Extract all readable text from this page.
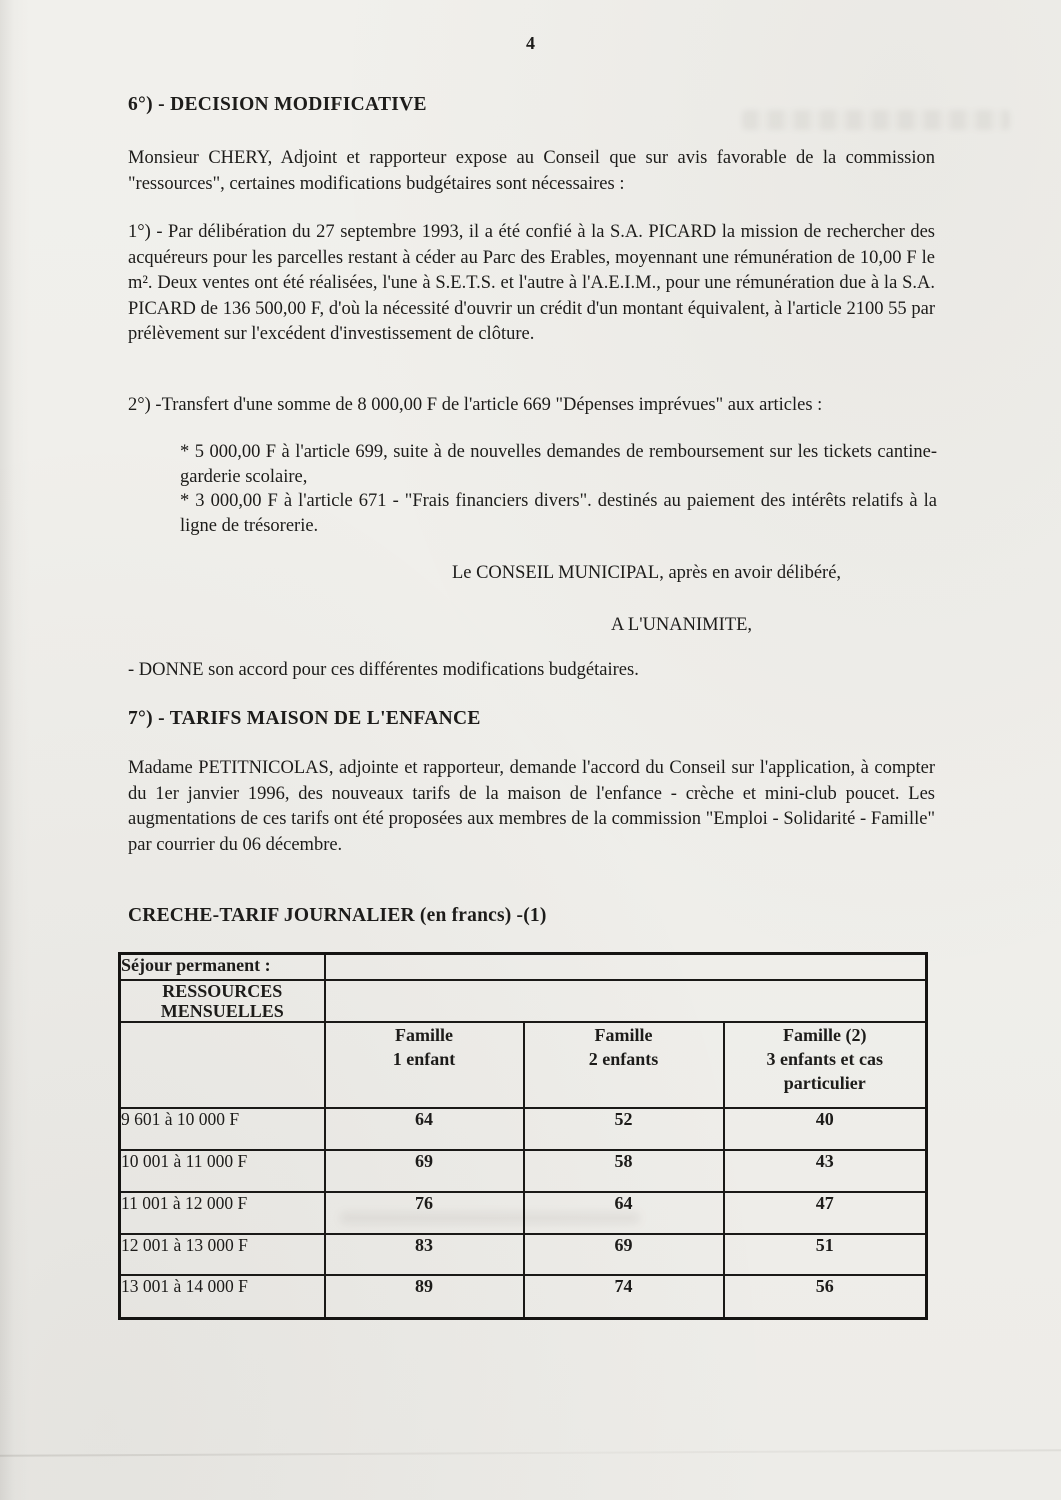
4
6°) - DECISION MODIFICATIVE
Monsieur CHERY, Adjoint et rapporteur expose au Conseil que sur avis favorable de la commission "ressources", certaines modifications budgétaires sont nécessaires :
1°) - Par délibération du 27 septembre 1993, il a été confié à la S.A. PICARD la mission de rechercher des acquéreurs pour les parcelles restant à céder au Parc des Erables, moyennant une rémunération de 10,00 F le m². Deux ventes ont été réalisées, l'une à S.E.T.S. et l'autre à l'A.E.I.M., pour une rémunération due à la S.A. PICARD de 136 500,00 F, d'où la nécessité d'ouvrir un crédit d'un montant équivalent, à l'article 2100 55 par prélèvement sur l'excédent d'investissement de clôture.
2°) -Transfert d'une somme de 8 000,00 F de l'article 669 "Dépenses imprévues" aux articles :

* 5 000,00 F à l'article 699, suite à de nouvelles demandes de remboursement sur les tickets cantine-garderie scolaire,

* 3 000,00 F à l'article 671 - "Frais financiers divers". destinés au paiement des intérêts relatifs à la ligne de trésorerie.

Le CONSEIL MUNICIPAL, après en avoir délibéré,
A L'UNANIMITE,
- DONNE son accord pour ces différentes modifications budgétaires.
7°) - TARIFS MAISON DE L'ENFANCE
Madame PETITNICOLAS, adjointe et rapporteur, demande l'accord du Conseil sur l'application, à compter du 1er janvier 1996, des nouveaux tarifs de la maison de l'enfance - crèche et mini-club poucet. Les augmentations de ces tarifs ont été proposées aux membres de la commission "Emploi - Solidarité - Famille" par courrier du 06 décembre.
CRECHE-TARIF JOURNALIER (en francs) -(1)
Séjour permanent :			

RESSOURCES
MENSUELLES			

Famille
1 enfant

Famille
2 enfants

Famille (2)
3 enfants et cas
particulier

9 601 à 10 000 F	64	52	40
10 001 à 11 000 F	69	58	43
11 001 à 12 000 F	76	64	47
12 001 à 13 000 F	83	69	51
13 001 à 14 000 F	89	74	56
